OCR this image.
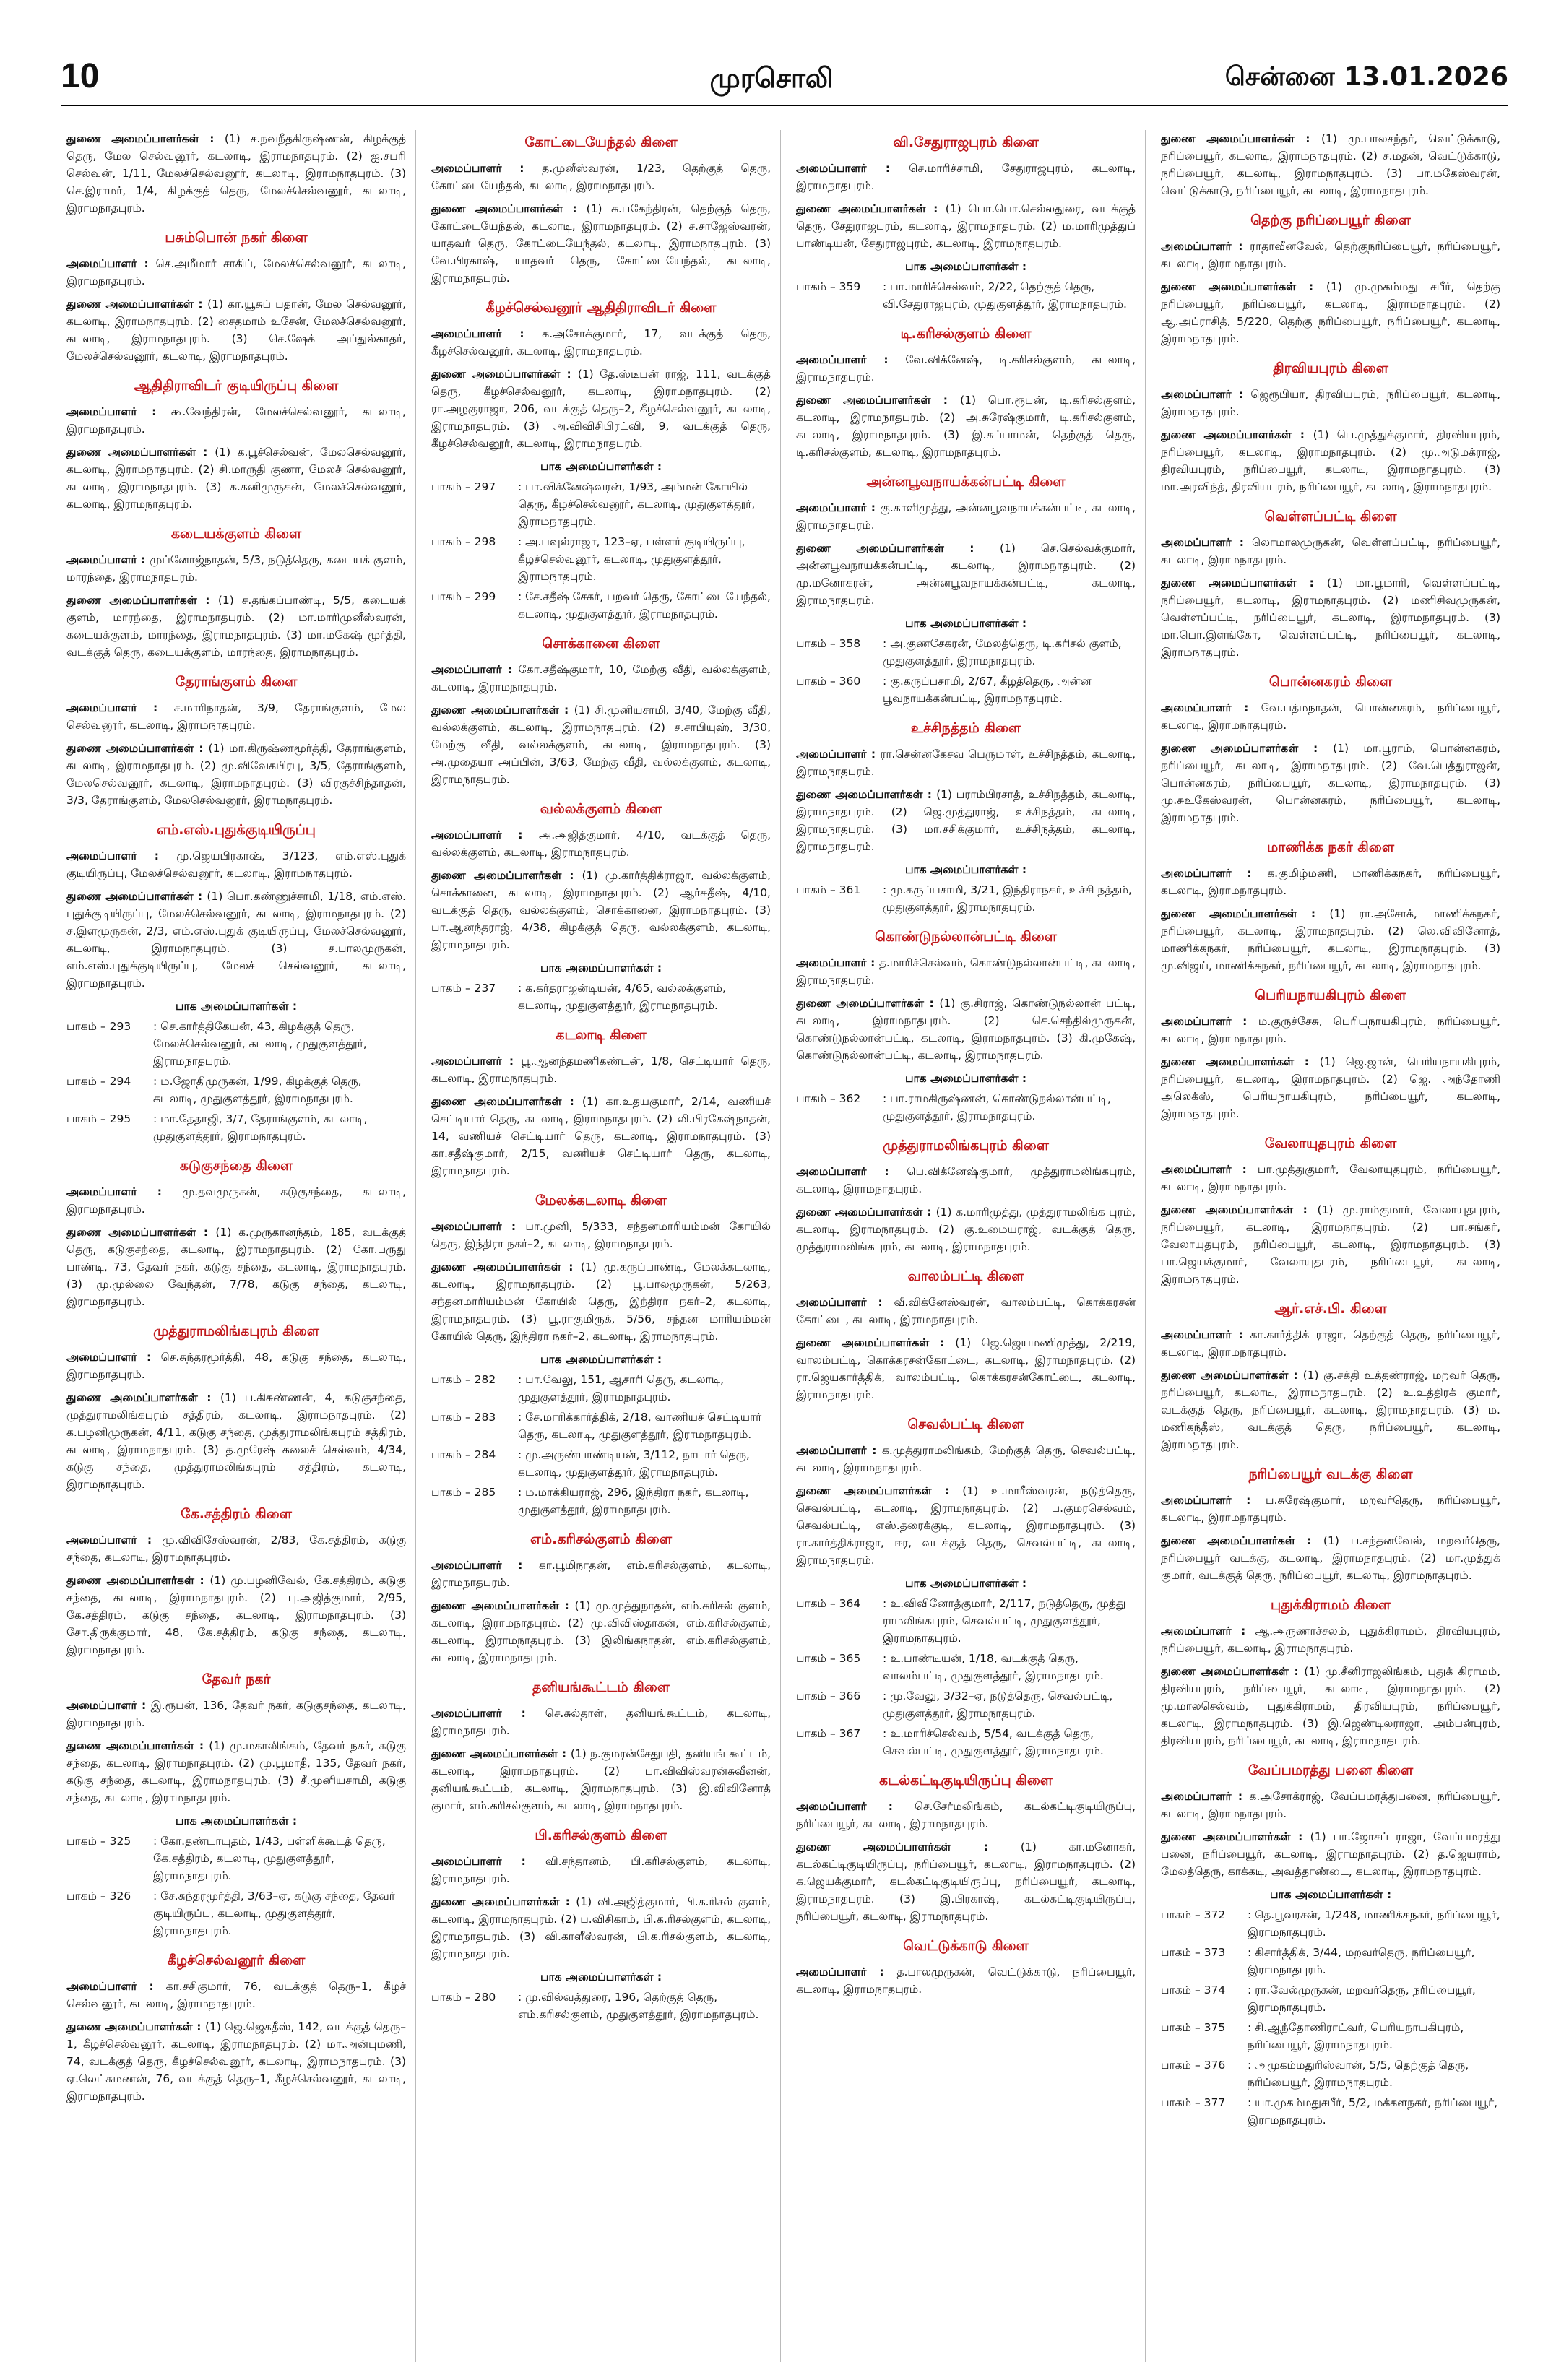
10	முரசொலி	சென்னை 13.01.2026
துணை அமைப்பாளர்கள் : (1) ச.நவநீதகிருஷ்ணன், கிழக்குத் தெரு, மேல செல்வனூர், கடலாடி, இராமநாதபுரம். (2) ஐ.சபரி செல்வன், 1/11, மேலச்செல்வனூர், கடலாடி, இராமநாதபுரம். (3) செ.இராமர், 1/4, கிழக்குத் தெரு, மேலச்செல்வனூர், கடலாடி, இராமநாதபுரம்.
பசும்பொன் நகர் கிளை
அமைப்பாளர் : செ.அமீமார் சாகிப், மேலச்செல்வனூர், கடலாடி, இராமநாதபுரம்.
துணை அமைப்பாளர்கள் : (1) கா.யூசுப் பதான், மேல செல்வனூர், கடலாடி, இராமநாதபுரம். (2) சைதமாம் உசேன், மேலச்செல்வனூர், கடலாடி, இராமநாதபுரம். (3) செ.ஷேக் அப்துல்காதர், மேலச்செல்வனூர், கடலாடி, இராமநாதபுரம்.
ஆதிதிராவிடர் குடியிருப்பு கிளை
அமைப்பாளர் : கூ.வேந்திரன், மேலச்செல்வனூர், கடலாடி, இராமநாதபுரம்.
துணை அமைப்பாளர்கள் : (1) க.பூச்செல்வன், மேலசெல்வனூர், கடலாடி, இராமநாதபுரம். (2) சி.மாருதி குணா, மேலச் செல்வனூர், கடலாடி, இராமநாதபுரம். (3) க.கனிமுருகன், மேலச்செல்வனூர், கடலாடி, இராமநாதபுரம்.
கடையக்குளம் கிளை
அமைப்பாளர் : முப்னோஜ்நாதன், 5/3, நடுத்தெரு, கடையக் குளம், மாரந்தை, இராமநாதபுரம்.
துணை அமைப்பாளர்கள் : (1) ச.தங்கப்பாண்டி, 5/5, கடையக் குளம், மாரந்தை, இராமநாதபுரம். (2) மா.மாரிமுனீஸ்வரன், கடையக்குளம், மாரந்தை, இராமநாதபுரம். (3) மா.மகேஷ் மூர்த்தி, வடக்குத் தெரு, கடையக்குளம், மாரந்தை, இராமநாதபுரம்.
தேராங்குளம் கிளை
அமைப்பாளர் : ச.மாரிநாதன், 3/9, தேராங்குளம், மேல செல்வனூர், கடலாடி, இராமநாதபுரம்.
துணை அமைப்பாளர்கள் : (1) மா.கிருஷ்ணமூர்த்தி, தேராங்குளம், கடலாடி, இராமநாதபுரம். (2) மு.விவேகபிரபு, 3/5, தேராங்குளம், மேலசெல்வனூர், கடலாடி, இராமநாதபுரம். (3) விரகுச்சிந்தாதன், 3/3, தேராங்குளம், மேலசெல்வனூர், இராமநாதபுரம்.
எம்.எஸ்.புதுக்குடியிருப்பு
அமைப்பாளர் : மு.ஜெயபிரகாஷ், 3/123, எம்.எஸ்.புதுக் குடியிருப்பு, மேலச்செல்வனூர், கடலாடி, இராமநாதபுரம்.
துணை அமைப்பாளர்கள் : (1) பொ.கண்ணுச்சாமி, 1/18, எம்.எஸ். புதுக்குடியிருப்பு, மேலச்செல்வனூர், கடலாடி, இராமநாதபுரம். (2) ச.இளமுருகன், 2/3, எம்.எஸ்.புதுக் குடியிருப்பு, மேலச்செல்வனூர், கடலாடி, இராமநாதபுரம். (3) ச.பாலமுருகன், எம்.எஸ்.புதுக்குடியிருப்பு, மேலச் செல்வனூர், கடலாடி, இராமநாதபுரம்.
பாக அமைப்பாளர்கள் :
பாகம் – 293	: செ.கார்த்திகேயன், 43, கிழக்குத் தெரு, மேலச்செல்வனூர், கடலாடி, முதுகுளத்தூர், இராமநாதபுரம்.
பாகம் – 294	: ம.ஜோதிமுருகன், 1/99, கிழக்குத் தெரு, கடலாடி, முதுகுளத்தூர், இராமநாதபுரம்.
பாகம் – 295	: மா.தேதாஜி, 3/7, தேராங்குளம், கடலாடி, முதுகுளத்தூர், இராமநாதபுரம்.
கடுகுசந்தை கிளை
அமைப்பாளர் : மு.தவமுருகன், கடுகுசந்தை, கடலாடி, இராமநாதபுரம்.
துணை அமைப்பாளர்கள் : (1) க.முருகானந்தம், 185, வடக்குத் தெரு, கடுகுசந்தை, கடலாடி, இராமநாதபுரம். (2) கோ.பருது பாண்டி, 73, தேவர் நகர், கடுகு சந்தை, கடலாடி, இராமநாதபுரம். (3) மு.முல்லை வேந்தன், 7/78, கடுகு சந்தை, கடலாடி, இராமநாதபுரம்.
முத்துராமலிங்கபுரம் கிளை
அமைப்பாளர் : செ.சுந்தரமூர்த்தி, 48, கடுகு சந்தை, கடலாடி, இராமநாதபுரம்.
துணை அமைப்பாளர்கள் : (1) ப.கிசுண்ணன், 4, கடுகுசந்தை, முத்துராமலிங்கபுரம் சத்திரம், கடலாடி, இராமநாதபுரம். (2) க.பழனிமுருகன், 4/11, கடுகு சந்தை, முத்துராமலிங்கபுரம் சத்திரம், கடலாடி, இராமநாதபுரம். (3) த.முரேஷ் கலைச் செல்வம், 4/34, கடுகு சந்தை, முத்துராமலிங்கபுரம் சத்திரம், கடலாடி, இராமநாதபுரம்.
கே.சத்திரம் கிளை
அமைப்பாளர் : மு.விவிசேஸ்வரன், 2/83, கே.சத்திரம், கடுகு சந்தை, கடலாடி, இராமநாதபுரம்.
துணை அமைப்பாளர்கள் : (1) மு.பழனிவேல், கே.சத்திரம், கடுகு சந்தை, கடலாடி, இராமநாதபுரம். (2) பு.அஜித்குமார், 2/95, கே.சத்திரம், கடுகு சந்தை, கடலாடி, இராமநாதபுரம். (3) சோ.திருக்குமார், 48, கே.சத்திரம், கடுகு சந்தை, கடலாடி, இராமநாதபுரம்.
தேவர் நகர்
அமைப்பாளர் : இ.ரூபன், 136, தேவர் நகர், கடுகுசந்தை, கடலாடி, இராமநாதபுரம்.
துணை அமைப்பாளர்கள் : (1) மு.மகாலிங்கம், தேவர் நகர், கடுகு சந்தை, கடலாடி, இராமநாதபுரம். (2) மு.பூமாதீ, 135, தேவர் நகர், கடுகு சந்தை, கடலாடி, இராமநாதபுரம். (3) சீ.முனியசாமி, கடுகு சந்தை, கடலாடி, இராமநாதபுரம்.
பாக அமைப்பாளர்கள் :
பாகம் – 325	: கோ.தண்டாயுதம், 1/43, பள்ளிக்கூடத் தெரு, கே.சத்திரம், கடலாடி, முதுகுளத்தூர், இராமநாதபுரம்.
பாகம் – 326	: சே.சுந்தரமூர்த்தி, 3/63–ஏ, கடுகு சந்தை, தேவர் குடியிருப்பு, கடலாடி, முதுகுளத்தூர், இராமநாதபுரம்.
கீழச்செல்வனூர் கிளை
அமைப்பாளர் : கா.சசிகுமார், 76, வடக்குத் தெரு–1, கீழச் செல்வனூர், கடலாடி, இராமநாதபுரம்.
துணை அமைப்பாளர்கள் : (1) ஜெ.ஜெகதீஸ், 142, வடக்குத் தெரு–1, கீழச்செல்வனூர், கடலாடி, இராமநாதபுரம். (2) மா.அன்புமணி, 74, வடக்குத் தெரு, கீழச்செல்வனூர், கடலாடி, இராமநாதபுரம். (3) ஏ.லெட்சுமணன், 76, வடக்குத் தெரு–1, கீழச்செல்வனூர், கடலாடி, இராமநாதபுரம்.
கோட்டையேந்தல் கிளை
அமைப்பாளர் : த.முனீஸ்வரன், 1/23, தெற்குத் தெரு, கோட்டையேந்தல், கடலாடி, இராமநாதபுரம்.
துணை அமைப்பாளர்கள் : (1) க.பகேந்திரன், தெற்குத் தெரு, கோட்டையேந்தல், கடலாடி, இராமநாதபுரம். (2) ச.சாஜேஸ்வரன், யாதவர் தெரு, கோட்டையேந்தல், கடலாடி, இராமநாதபுரம். (3) வே.பிரகாஷ், யாதவர் தெரு, கோட்டையேந்தல், கடலாடி, இராமநாதபுரம்.
கீழச்செல்வனூர் ஆதிதிராவிடர் கிளை
அமைப்பாளர் : க.அசோக்குமார், 17, வடக்குத் தெரு, கீழச்செல்வனூர், கடலாடி, இராமநாதபுரம்.
துணை அமைப்பாளர்கள் : (1) தே.ஸ்டீபன் ராஜ், 111, வடக்குத் தெரு, கீழச்செல்வனூர், கடலாடி, இராமநாதபுரம். (2) ரா.அழகுராஜா, 206, வடக்குத் தெரு–2, கீழச்செல்வனூர், கடலாடி, இராமநாதபுரம். (3) அ.விவிசிபிரட்வி, 9, வடக்குத் தெரு, கீழச்செல்வனூர், கடலாடி, இராமநாதபுரம்.
பாக அமைப்பாளர்கள் :
பாகம் – 297	: பா.விக்னேஷ்வரன், 1/93, அம்மன் கோயில் தெரு, கீழச்செல்வனூர், கடலாடி, முதுகுளத்தூர், இராமநாதபுரம்.
பாகம் – 298	: அ.பவுல்ராஜா, 123–ஏ, பள்ளர் குடியிருப்பு, கீழச்செல்வனூர், கடலாடி, முதுகுளத்தூர், இராமநாதபுரம்.
பாகம் – 299	: சே.சதீஷ் சேகர், பறவர் தெரு, கோட்டையேந்தல், கடலாடி, முதுகுளத்தூர், இராமநாதபுரம்.
சொக்கானை கிளை
அமைப்பாளர் : கோ.சதீஷ்குமார், 10, மேற்கு வீதி, வல்லக்குளம், கடலாடி, இராமநாதபுரம்.
துணை அமைப்பாளர்கள் : (1) சி.முனியசாமி, 3/40, மேற்கு வீதி, வல்லக்குளம், கடலாடி, இராமநாதபுரம். (2) ச.சாபியுஹ், 3/30, மேற்கு வீதி, வல்லக்குளம், கடலாடி, இராமநாதபுரம். (3) அ.முதையா அப்பின், 3/63, மேற்கு வீதி, வல்லக்குளம், கடலாடி, இராமநாதபுரம்.
வல்லக்குளம் கிளை
அமைப்பாளர் : அ.அஜித்குமார், 4/10, வடக்குத் தெரு, வல்லக்குளம், கடலாடி, இராமநாதபுரம்.
துணை அமைப்பாளர்கள் : (1) மு.கார்த்திக்ராஜா, வல்லக்குளம், சொக்கானை, கடலாடி, இராமநாதபுரம். (2) ஆர்சுதீஷ், 4/10, வடக்குத் தெரு, வல்லக்குளம், சொக்கானை, இராமநாதபுரம். (3) பா.ஆனந்தராஜ், 4/38, கிழக்குத் தெரு, வல்லக்குளம், கடலாடி, இராமநாதபுரம்.
பாக அமைப்பாளர்கள் :
பாகம் – 237	: க.கர்தராஜன்டியன், 4/65, வல்லக்குளம், கடலாடி, முதுகுளத்தூர், இராமநாதபுரம்.
கடலாடி கிளை
அமைப்பாளர் : பூ.ஆனந்தமணிகண்டன், 1/8, செட்டியார் தெரு, கடலாடி, இராமநாதபுரம்.
துணை அமைப்பாளர்கள் : (1) கா.உதயகுமார், 2/14, வணியச் செட்டியார் தெரு, கடலாடி, இராமநாதபுரம். (2) லி.பிரகேஷ்நாதன், 14, வணியச் செட்டியார் தெரு, கடலாடி, இராமநாதபுரம். (3) கா.சதீஷ்குமார், 2/15, வணியச் செட்டியார் தெரு, கடலாடி, இராமநாதபுரம்.
மேலக்கடலாடி கிளை
அமைப்பாளர் : பா.முனி, 5/333, சந்தனமாரியம்மன் கோயில் தெரு, இந்திரா நகர்–2, கடலாடி, இராமநாதபுரம்.
துணை அமைப்பாளர்கள் : (1) மு.கருப்பாண்டி, மேலக்கடலாடி, கடலாடி, இராமநாதபுரம். (2) பூ.பாலமுருகன், 5/263, சந்தனமாரியம்மன் கோயில் தெரு, இந்திரா நகர்–2, கடலாடி, இராமநாதபுரம். (3) பூ.ராகுமிருக், 5/56, சந்தன மாரியம்மன் கோயில் தெரு, இந்திரா நகர்–2, கடலாடி, இராமநாதபுரம்.
பாக அமைப்பாளர்கள் :
பாகம் – 282	: பா.வேலு, 151, ஆசாரி தெரு, கடலாடி, முதுகுளத்தூர், இராமநாதபுரம்.
பாகம் – 283	: சே.மாரிக்கார்த்திக், 2/18, வாணியச் செட்டியார் தெரு, கடலாடி, முதுகுளத்தூர், இராமநாதபுரம்.
பாகம் – 284	: மு.அருண்பாண்டியன், 3/112, நாடார் தெரு, கடலாடி, முதுகுளத்தூர், இராமநாதபுரம்.
பாகம் – 285	: ம.மாக்கியராஜ், 296, இந்திரா நகர், கடலாடி, முதுகுளத்தூர், இராமநாதபுரம்.
எம்.கரிசல்குளம் கிளை
அமைப்பாளர் : கா.பூமிநாதன், எம்.கரிசல்குளம், கடலாடி, இராமநாதபுரம்.
துணை அமைப்பாளர்கள் : (1) மு.முத்துநாதன், எம்.கரிசல் குளம், கடலாடி, இராமநாதபுரம். (2) மு.விவிஸ்தாகன், எம்.கரிசல்குளம், கடலாடி, இராமநாதபுரம். (3) இலிங்கநாதன், எம்.கரிசல்குளம், கடலாடி, இராமநாதபுரம்.
தனியங்கூட்டம் கிளை
அமைப்பாளர் : செ.சுல்தாள், தனியங்கூட்டம், கடலாடி, இராமநாதபுரம்.
துணை அமைப்பாளர்கள் : (1) ந.குமரன்சேதுபதி, தனியங் கூட்டம், கடலாடி, இராமநாதபுரம். (2) பா.விவிஸ்வரன்சுவீனன், தனியங்கூட்டம், கடலாடி, இராமநாதபுரம். (3) இ.விவினோத் குமார், எம்.கரிசல்குளம், கடலாடி, இராமநாதபுரம்.
பி.கரிசல்குளம் கிளை
அமைப்பாளர் : வி.சந்தானம், பி.கரிசல்குளம், கடலாடி, இராமநாதபுரம்.
துணை அமைப்பாளர்கள் : (1) வி.அஜித்குமார், பி.க.ரிசல் குளம், கடலாடி, இராமநாதபுரம். (2) ப.விசிகாம், பி.க.ரிசல்குளம், கடலாடி, இராமநாதபுரம். (3) வி.காளீஸ்வரன், பி.க.ரிசல்குளம், கடலாடி, இராமநாதபுரம்.
பாக அமைப்பாளர்கள் :
பாகம் – 280	: மு.வில்வத்துரை, 196, தெற்குத் தெரு, எம்.கரிசல்குளம், முதுகுளத்தூர், இராமநாதபுரம்.
வி.சேதுராஜபுரம் கிளை
அமைப்பாளர் : செ.மாரிச்சாமி, சேதுராஜபுரம், கடலாடி, இராமநாதபுரம்.
துணை அமைப்பாளர்கள் : (1) பொ.பொ.செல்லதுரை, வடக்குத் தெரு, சேதுராஜபுரம், கடலாடி, இராமநாதபுரம். (2) ம.மாரிமுத்துப் பாண்டியன், சேதுராஜபுரம், கடலாடி, இராமநாதபுரம்.
பாக அமைப்பாளர்கள் :
பாகம் – 359	: பா.மாரிச்செல்வம், 2/22, தெற்குத் தெரு, வி.சேதுராஜபுரம், முதுகுளத்தூர், இராமநாதபுரம்.
டி.கரிசல்குளம் கிளை
அமைப்பாளர் : வே.விக்னேஷ், டி.கரிசல்குளம், கடலாடி, இராமநாதபுரம்.
துணை அமைப்பாளர்கள் : (1) பொ.ரூபன், டி.கரிசல்குளம், கடலாடி, இராமநாதபுரம். (2) அ.சுரேஷ்குமார், டி.கரிசல்குளம், கடலாடி, இராமநாதபுரம். (3) இ.சுப்பாமன், தெற்குத் தெரு, டி.கரிசல்குளம், கடலாடி, இராமநாதபுரம்.
அன்னபூவநாயக்கன்பட்டி கிளை
அமைப்பாளர் : கு.காளிமுத்து, அன்னபூவநாயக்கன்பட்டி, கடலாடி, இராமநாதபுரம்.
துணை அமைப்பாளர்கள் : (1) செ.செல்வக்குமார், அன்னபூவநாயக்கன்பட்டி, கடலாடி, இராமநாதபுரம். (2) மு.மனோகரன், அன்னபூவநாயக்கன்பட்டி, கடலாடி, இராமநாதபுரம்.
பாக அமைப்பாளர்கள் :
பாகம் – 358	: அ.குணசேகரன், மேலத்தெரு, டி.கரிசல் குளம், முதுகுளத்தூர், இராமநாதபுரம்.
பாகம் – 360	: கு.கருப்பசாமி, 2/67, கீழத்தெரு, அன்ன பூவநாயக்கன்பட்டி, இராமநாதபுரம்.
உச்சிநத்தம் கிளை
அமைப்பாளர் : ரா.சென்னகேசவ பெருமாள், உச்சிநத்தம், கடலாடி, இராமநாதபுரம்.
துணை அமைப்பாளர்கள் : (1) பராம்பிரசாத், உச்சிநத்தம், கடலாடி, இராமநாதபுரம். (2) ஜெ.முத்துராஜ், உச்சிநத்தம், கடலாடி, இராமநாதபுரம். (3) மா.சசிக்குமார், உச்சிநத்தம், கடலாடி, இராமநாதபுரம்.
பாக அமைப்பாளர்கள் :
பாகம் – 361	: மு.கருப்பசாமி, 3/21, இந்திராநகர், உச்சி நத்தம், முதுகுளத்தூர், இராமநாதபுரம்.
கொண்டுநல்லான்பட்டி கிளை
அமைப்பாளர் : த.மாரிச்செல்வம், கொண்டுநல்லான்பட்டி, கடலாடி, இராமநாதபுரம்.
துணை அமைப்பாளர்கள் : (1) கு.சிராஜ், கொண்டுநல்லான் பட்டி, கடலாடி, இராமநாதபுரம். (2) செ.செந்தில்முருகன், கொண்டுநல்லான்பட்டி, கடலாடி, இராமநாதபுரம். (3) கி.முகேஷ், கொண்டுநல்லான்பட்டி, கடலாடி, இராமநாதபுரம்.
பாக அமைப்பாளர்கள் :
பாகம் – 362	: பா.ராமகிருஷ்ணன், கொண்டுநல்லான்பட்டி, முதுகுளத்தூர், இராமநாதபுரம்.
முத்துராமலிங்கபுரம் கிளை
அமைப்பாளர் : பெ.விக்னேஷ்குமார், முத்துராமலிங்கபுரம், கடலாடி, இராமநாதபுரம்.
துணை அமைப்பாளர்கள் : (1) க.மாரிமுத்து, முத்துராமலிங்க புரம், கடலாடி, இராமநாதபுரம். (2) கு.உமையராஜ், வடக்குத் தெரு, முத்துராமலிங்கபுரம், கடலாடி, இராமநாதபுரம்.
வாலம்பட்டி கிளை
அமைப்பாளர் : வீ.விக்னேஸ்வரன், வாலம்பட்டி, கொக்கரசன் கோட்டை, கடலாடி, இராமநாதபுரம்.
துணை அமைப்பாளர்கள் : (1) ஜெ.ஜெயமணிமுத்து, 2/219, வாலம்பட்டி, கொக்கரசன்கோட்டை, கடலாடி, இராமநாதபுரம். (2) ரா.ஜெயகார்த்திக், வாலம்பட்டி, கொக்கரசன்கோட்டை, கடலாடி, இராமநாதபுரம்.
செவல்பட்டி கிளை
அமைப்பாளர் : க.முத்துராமலிங்கம், மேற்குத் தெரு, செவல்பட்டி, கடலாடி, இராமநாதபுரம்.
துணை அமைப்பாளர்கள் : (1) உ.மாரீஸ்வரன், நடுத்தெரு, செவல்பட்டி, கடலாடி, இராமநாதபுரம். (2) ப.குமரசெல்வம், செவல்பட்டி, எஸ்.தரைக்குடி, கடலாடி, இராமநாதபுரம். (3) ரா.கார்த்திக்ராஜா, ஈர, வடக்குத் தெரு, செவல்பட்டி, கடலாடி, இராமநாதபுரம்.
பாக அமைப்பாளர்கள் :
பாகம் – 364	: உ.விவினோத்குமார், 2/117, நடுத்தெரு, முத்து ராமலிங்கபுரம், செவல்பட்டி, முதுகுளத்தூர், இராமநாதபுரம்.
பாகம் – 365	: உ.பாண்டியன், 1/18, வடக்குத் தெரு, வாலம்பட்டி, முதுகுளத்தூர், இராமநாதபுரம்.
பாகம் – 366	: மு.வேலு, 3/32–ஏ, நடுத்தெரு, செவல்பட்டி, முதுகுளத்தூர், இராமநாதபுரம்.
பாகம் – 367	: உ.மாரிச்செல்வம், 5/54, வடக்குத் தெரு, செவல்பட்டி, முதுகுளத்தூர், இராமநாதபுரம்.
கடல்கட்டிகுடியிருப்பு கிளை
அமைப்பாளர் : செ.சேர்மலிங்கம், கடல்கட்டிகுடியிருப்பு, நரிப்பையூர், கடலாடி, இராமநாதபுரம்.
துணை அமைப்பாளர்கள் : (1) கா.மனோகர், கடல்கட்டிகுடியிருப்பு, நரிப்பையூர், கடலாடி, இராமநாதபுரம். (2) க.ஜெயக்குமார், கடல்கட்டிகுடியிருப்பு, நரிப்பையூர், கடலாடி, இராமநாதபுரம். (3) இ.பிரகாஷ், கடல்கட்டிகுடியிருப்பு, நரிப்பையூர், கடலாடி, இராமநாதபுரம்.
வெட்டுக்காடு கிளை
அமைப்பாளர் : த.பாலமுருகன், வெட்டுக்காடு, நரிப்பையூர், கடலாடி, இராமநாதபுரம்.
துணை அமைப்பாளர்கள் : (1) மு.பாலசந்தர், வெட்டுக்காடு, நரிப்பையூர், கடலாடி, இராமநாதபுரம். (2) ச.மதன், வெட்டுக்காடு, நரிப்பையூர், கடலாடி, இராமநாதபுரம். (3) பா.மகேஸ்வரன், வெட்டுக்காடு, நரிப்பையூர், கடலாடி, இராமநாதபுரம்.
தெற்கு நரிப்பையூர் கிளை
அமைப்பாளர் : ராதாவீனவேல், தெற்குநரிப்பையூர், நரிப்பையூர், கடலாடி, இராமநாதபுரம்.
துணை அமைப்பாளர்கள் : (1) மு.முகம்மது சபீர், தெற்கு நரிப்பையூர், நரிப்பையூர், கடலாடி, இராமநாதபுரம். (2) ஆ.அப்ராசித், 5/220, தெற்கு நரிப்பையூர், நரிப்பையூர், கடலாடி, இராமநாதபுரம்.
திரவியபுரம் கிளை
அமைப்பாளர் : ஜெரூபியா, திரவியபுரம், நரிப்பையூர், கடலாடி, இராமநாதபுரம்.
துணை அமைப்பாளர்கள் : (1) பெ.முத்துக்குமார், திரவியபுரம், நரிப்பையூர், கடலாடி, இராமநாதபுரம். (2) மு.அடுமக்ராஜ், திரவியபுரம், நரிப்பையூர், கடலாடி, இராமநாதபுரம். (3) மா.அரவிந்த், திரவியபுரம், நரிப்பையூர், கடலாடி, இராமநாதபுரம்.
வெள்ளப்பட்டி கிளை
அமைப்பாளர் : லொமாலமுருகன், வெள்ளப்பட்டி, நரிப்பையூர், கடலாடி, இராமநாதபுரம்.
துணை அமைப்பாளர்கள் : (1) மா.பூமாரி, வெள்ளப்பட்டி, நரிப்பையூர், கடலாடி, இராமநாதபுரம். (2) மணிசிவமுருகன், வெள்ளப்பட்டி, நரிப்பையூர், கடலாடி, இராமநாதபுரம். (3) மா.பொ.இளங்கோ, வெள்ளப்பட்டி, நரிப்பையூர், கடலாடி, இராமநாதபுரம்.
பொன்னகரம் கிளை
அமைப்பாளர் : வே.பத்மநாதன், பொன்னகரம், நரிப்பையூர், கடலாடி, இராமநாதபுரம்.
துணை அமைப்பாளர்கள் : (1) மா.பூராம், பொன்னகரம், நரிப்பையூர், கடலாடி, இராமநாதபுரம். (2) வே.பெத்துராஜன், பொன்னகரம், நரிப்பையூர், கடலாடி, இராமநாதபுரம். (3) மு.சுஉகேஸ்வரன், பொன்னகரம், நரிப்பையூர், கடலாடி, இராமநாதபுரம்.
மாணிக்க நகர் கிளை
அமைப்பாளர் : க.குமிழ்மணி, மாணிக்கநகர், நரிப்பையூர், கடலாடி, இராமநாதபுரம்.
துணை அமைப்பாளர்கள் : (1) ரா.அசோக், மாணிக்கநகர், நரிப்பையூர், கடலாடி, இராமநாதபுரம். (2) லெ.விவினோத், மாணிக்கநகர், நரிப்பையூர், கடலாடி, இராமநாதபுரம். (3) மு.விஜய், மாணிக்கநகர், நரிப்பையூர், கடலாடி, இராமநாதபுரம்.
பெரியநாயகிபுரம் கிளை
அமைப்பாளர் : ம.குருச்சேசு, பெரியநாயகிபுரம், நரிப்பையூர், கடலாடி, இராமநாதபுரம்.
துணை அமைப்பாளர்கள் : (1) ஜெ.ஜான், பெரியநாயகிபுரம், நரிப்பையூர், கடலாடி, இராமநாதபுரம். (2) ஜெ. அந்தோணி அலெக்ஸ், பெரியநாயகிபுரம், நரிப்பையூர், கடலாடி, இராமநாதபுரம்.
வேலாயுதபுரம் கிளை
அமைப்பாளர் : பா.முத்துகுமார், வேலாயுதபுரம், நரிப்பையூர், கடலாடி, இராமநாதபுரம்.
துணை அமைப்பாளர்கள் : (1) மு.ராம்குமார், வேலாயுதபுரம், நரிப்பையூர், கடலாடி, இராமநாதபுரம். (2) பா.சங்கர், வேலாயுதபுரம், நரிப்பையூர், கடலாடி, இராமநாதபுரம். (3) பா.ஜெயக்குமார், வேலாயுதபுரம், நரிப்பையூர், கடலாடி, இராமநாதபுரம்.
ஆர்.எச்.பி. கிளை
அமைப்பாளர் : கா.கார்த்திக் ராஜா, தெற்குத் தெரு, நரிப்பையூர், கடலாடி, இராமநாதபுரம்.
துணை அமைப்பாளர்கள் : (1) கு.சக்தி உத்தண்ராஜ், மறவர் தெரு, நரிப்பையூர், கடலாடி, இராமநாதபுரம். (2) உ.உத்திரக் குமார், வடக்குத் தெரு, நரிப்பையூர், கடலாடி, இராமநாதபுரம். (3) ம. மணிகந்தீஸ், வடக்குத் தெரு, நரிப்பையூர், கடலாடி, இராமநாதபுரம்.
நரிப்பையூர் வடக்கு கிளை
அமைப்பாளர் : ப.சுரேஷ்குமார், மறவர்தெரு, நரிப்பையூர், கடலாடி, இராமநாதபுரம்.
துணை அமைப்பாளர்கள் : (1) ப.சந்தனவேல், மறவர்தெரு, நரிப்பையூர் வடக்கு, கடலாடி, இராமநாதபுரம். (2) மா.முத்துக் குமார், வடக்குத் தெரு, நரிப்பையூர், கடலாடி, இராமநாதபுரம்.
புதுக்கிராமம் கிளை
அமைப்பாளர் : ஆ.அருணாச்சலம், புதுக்கிராமம், திரவியபுரம், நரிப்பையூர், கடலாடி, இராமநாதபுரம்.
துணை அமைப்பாளர்கள் : (1) மு.சீனிராஜலிங்கம், புதுக் கிராமம், திரவியபுரம், நரிப்பையூர், கடலாடி, இராமநாதபுரம். (2) மு.மாலசெல்வம், புதுக்கிராமம், திரவியபுரம், நரிப்பையூர், கடலாடி, இராமநாதபுரம். (3) இ.ஜெண்டிலராஜா, அம்பன்புரம், திரவியபுரம், நரிப்பையூர், கடலாடி, இராமநாதபுரம்.
வேப்பமரத்து பனை கிளை
அமைப்பாளர் : க.அசோக்ராஜ், வேப்பமரத்துபனை, நரிப்பையூர், கடலாடி, இராமநாதபுரம்.
துணை அமைப்பாளர்கள் : (1) பா.ஜோசப் ராஜா, வேப்பமரத்து பனை, நரிப்பையூர், கடலாடி, இராமநாதபுரம். (2) த.ஜெயராம், மேலத்தெரு, காக்கடி, அவத்தாண்டை, கடலாடி, இராமநாதபுரம்.
பாக அமைப்பாளர்கள் :
பாகம் – 372	: தெ.பூவரசன், 1/248, மாணிக்கநகர், நரிப்பையூர், இராமநாதபுரம்.
பாகம் – 373	: கிசார்த்திக், 3/44, மறவர்தெரு, நரிப்பையூர், இராமநாதபுரம்.
பாகம் – 374	: ரா.வேல்முருகன், மறவர்தெரு, நரிப்பையூர், இராமநாதபுரம்.
பாகம் – 375	: சி.ஆந்தோணிராட்வர், பெரியநாயகிபுரம், நரிப்பையூர், இராமநாதபுரம்.
பாகம் – 376	: அமுகம்மதுரிஸ்வான், 5/5, தெற்குத் தெரு, நரிப்பையூர், இராமநாதபுரம்.
பாகம் – 377	: யா.முகம்மதுசபீர், 5/2, மக்களநகர், நரிப்பையூர், இராமநாதபுரம்.
